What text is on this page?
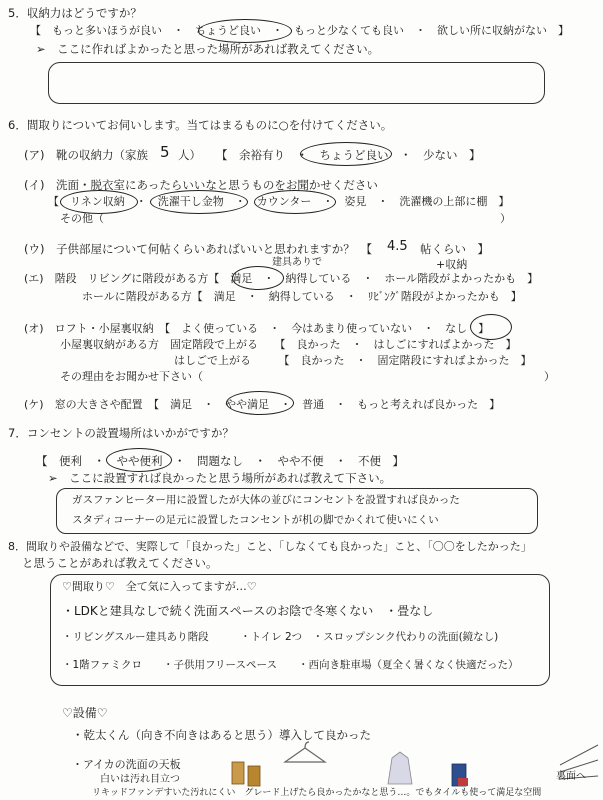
5．収納力はどうですか？
【　もっと多いほうが良い　・　ちょうど良い　・　もっと少なくても良い　・　欲しい所に収納がない　】
➢　ここに作ればよかったと思った場所があれば教えてください。
6．間取りについてお伺いします。当てはまるものに○を付けてください。
(ア)　靴の収納力（家族 5 人） 【　余裕有り　・　ちょうど良い　・　少ない　】
(イ)　洗面・脱衣室にあったらいいなと思うものをお聞かせください
【　リネン収納　・　洗濯干し金物　・　カウンター　・　姿見　・　洗濯機の上部に棚　】
その他（　　　　　　　　　　　　　　　　　　　　　　　　　　　　　　　　　　　　）
(ウ)　子供部屋について何帖くらいあればいいと思われますか？　【 4.5 帖くらい　】
+収納
建具ありで
(エ)　階段　リビングに階段がある方【　満足　・　納得している　・　ホール階段がよかったかも　】
ホールに階段がある方【　満足　・　納得している　・　ﾘﾋﾞﾝｸﾞ階段がよかったかも　】
(オ)　ロフト・小屋裏収納　【　よく使っている　・　今はあまり使っていない　・　なし　】
小屋裏収納がある方　固定階段で上がる　　【　良かった　・　はしごにすればよかった　】
はしごで上がる　　　【　良かった　・　固定階段にすればよかった　】
その理由をお聞かせ下さい（　　　　　　　　　　　　　　　　　　　　　　　　　　　　　　　）
(ケ)　窓の大きさや配置　【　満足　・　やや満足　・　普通　・　もっと考えれば良かった　】
7．コンセントの設置場所はいかがですか？
【　便利　・　やや便利　・　問題なし　・　やや不便　・　不便　】
➢　ここに設置すれば良かったと思う場所があれば教えて下さい。
ガスファンヒーター用に設置したが大体の並びにコンセントを設置すれば良かった
スタディコーナーの足元に設置したコンセントが机の脚でかくれて使いにくい
8．間取りや設備などで、実際して「良かった」こと、「しなくても良かった」こと、「〇〇をしたかった」
と思うことがあれば教えてください。
♡間取り♡　全て気に入ってますが…♡
・LDKと建具なしで続く洗面スペースのお陰で冬寒くない　・畳なし
・リビングスルー建具あり階段　　　・トイレ 2つ　・スロップシンク代わりの洗面(鏡なし)
・1階ファミクロ　　・子供用フリースペース　　・西向き駐車場（夏全く暑くなく快適だった）
♡設備♡
・乾太くん（向き不向きはあると思う）導入して良かった
・アイカの洗面の天板
白いは汚れ目立つ
リキッドファンデすいた汚れにくい　グレード上げたら良かったかなと思う…。でもタイルも使って満足な空間
裏面へ
